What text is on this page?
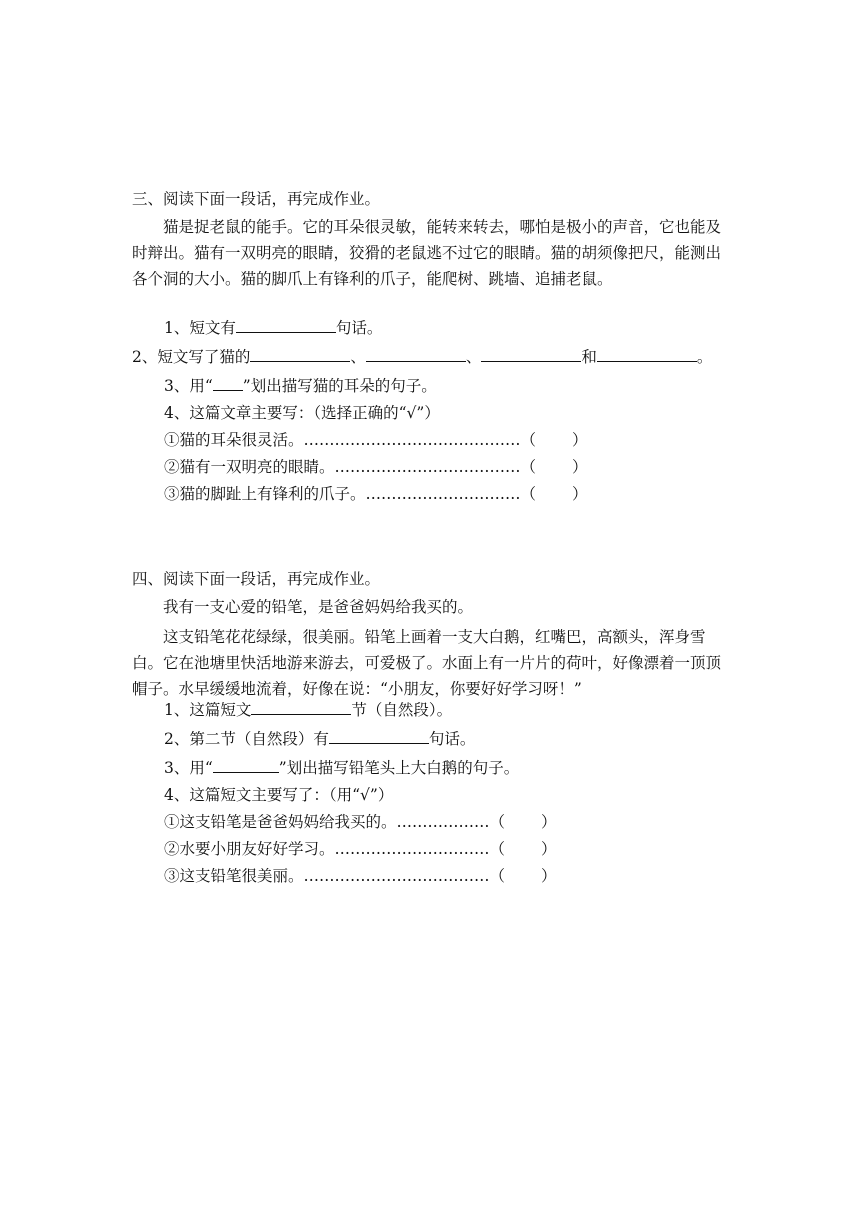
三、阅读下面一段话，再完成作业。
猫是捉老鼠的能手。它的耳朵很灵敏，能转来转去，哪怕是极小的声音，它也能及时辩出。猫有一双明亮的眼睛，狡猾的老鼠逃不过它的眼睛。猫的胡须像把尺，能测出各个洞的大小。猫的脚爪上有锋利的爪子，能爬树、跳墙、追捕老鼠。
1、短文有	句话。
2、短文写了猫的	、	、	和	。
3、用“ ”划出描写猫的耳朵的句子。
4、这篇文章主要写：（选择正确的“√”）
①猫的耳朵很灵活。……………………………………（ ）
②猫有一双明亮的眼睛。………………………………（ ）
③猫的脚趾上有锋利的爪子。…………………………（ ）
四、阅读下面一段话，再完成作业。
我有一支心爱的铅笔，是爸爸妈妈给我买的。
这支铅笔花花绿绿，很美丽。铅笔上画着一支大白鹅，红嘴巴，高额头，浑身雪白。它在池塘里快活地游来游去，可爱极了。水面上有一片片的荷叶，好像漂着一顶顶帽子。水早缓缓地流着，好像在说：“小朋友，你要好好学习呀！”
1、这篇短文	节（自然段）。
2、第二节（自然段）有	句话。
3、用“	”划出描写铅笔头上大白鹅的句子。
4、这篇短文主要写了：（用“√”）
①这支铅笔是爸爸妈妈给我买的。………………（ ）
②水要小朋友好好学习。…………………………（ ）
③这支铅笔很美丽。………………………………（ ）
